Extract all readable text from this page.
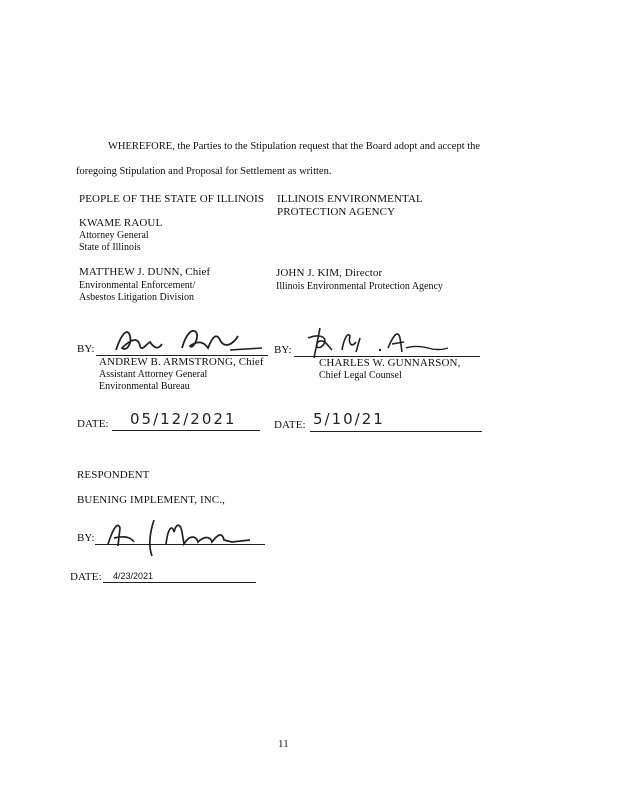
WHEREFORE, the Parties to the Stipulation request that the Board adopt and accept the
foregoing Stipulation and Proposal for Settlement as written.
PEOPLE OF THE STATE OF ILLINOIS
KWAME RAOUL
Attorney General
State of Illinois
MATTHEW J. DUNN, Chief
Environmental Enforcement/
Asbestos Litigation Division
BY:
ANDREW B. ARMSTRONG, Chief
Assistant Attorney General
Environmental Bureau
DATE: 05/12/2021
ILLINOIS ENVIRONMENTAL
PROTECTION AGENCY
JOHN J. KIM, Director
Illinois Environmental Protection Agency
BY:
CHARLES W. GUNNARSON,
Chief Legal Counsel
DATE: 5/10/21
RESPONDENT
BUENING IMPLEMENT, INC.,
BY:
DATE: 4/23/2021
11
